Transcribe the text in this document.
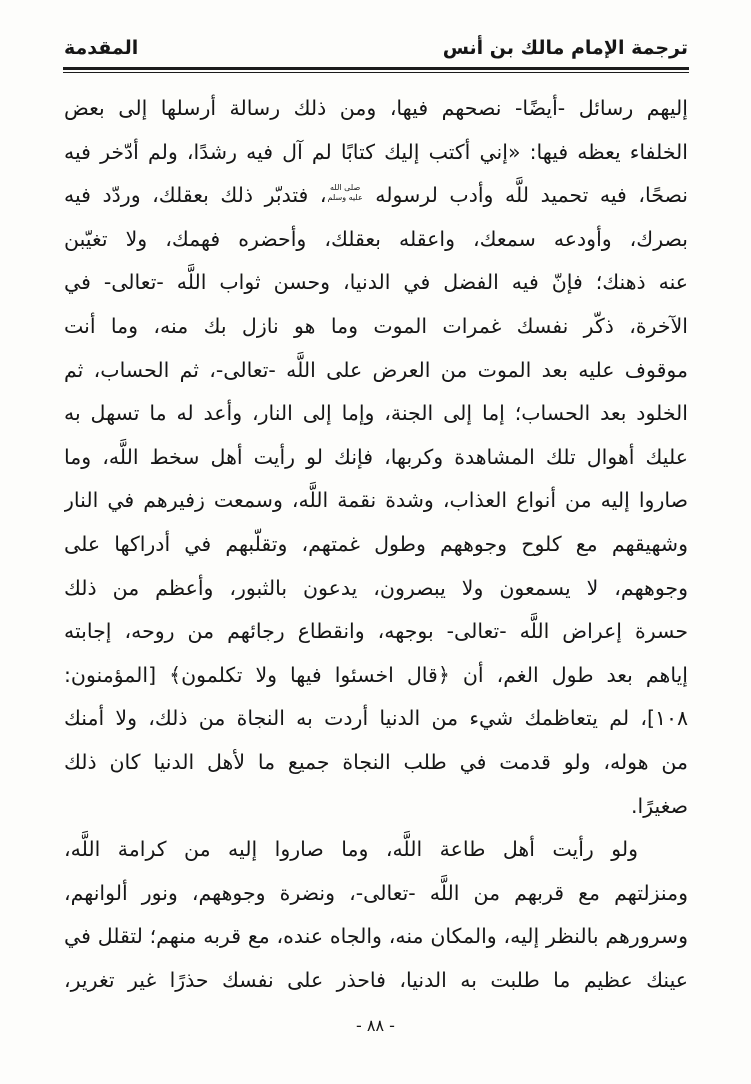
ترجمة الإمام مالك بن أنس
المقدمة
إليهم رسائل -أيضًا- نصحهم فيها، ومن ذلك رسالة أرسلها إلى بعض
الخلفاء يعظه فيها: «إني أكتب إليك كتابًا لم آل فيه رشدًا، ولم أدّخر فيه
نصحًا، فيه تحميد للَّه وأدب لرسوله
صلى الله
عليه وسلم
، فتدبّر ذلك بعقلك، وردّد فيه
بصرك، وأودعه سمعك، واعقله بعقلك، وأحضره فهمك، ولا تغيّبن
عنه ذهنك؛ فإنّ فيه الفضل في الدنيا، وحسن ثواب اللَّه -تعالى- في
الآخرة، ذكّر نفسك غمرات الموت وما هو نازل بك منه، وما أنت
موقوف عليه بعد الموت من العرض على اللَّه -تعالى-، ثم الحساب، ثم
الخلود بعد الحساب؛ إما إلى الجنة، وإما إلى النار، وأعد له ما تسهل به
عليك أهوال تلك المشاهدة وكربها، فإنك لو رأيت أهل سخط اللَّه، وما
صاروا إليه من أنواع العذاب، وشدة نقمة اللَّه، وسمعت زفيرهم في النار
وشهيقهم مع كلوح وجوههم وطول غمتهم، وتقلّبهم في أدراكها على
وجوههم، لا يسمعون ولا يبصرون، يدعون بالثبور، وأعظم من ذلك
حسرة إعراض اللَّه -تعالى- بوجهه، وانقطاع رجائهم من روحه، إجابته
إياهم بعد طول الغم، أن ﴿قال اخسئوا فيها ولا تكلمون﴾ [المؤمنون:
١٠٨]، لم يتعاظمك شيء من الدنيا أردت به النجاة من ذلك، ولا أمنك
من هوله، ولو قدمت في طلب النجاة جميع ما لأهل الدنيا كان ذلك
صغيرًا.
ولو رأيت أهل طاعة اللَّه، وما صاروا إليه من كرامة اللَّه،
ومنزلتهم مع قربهم من اللَّه -تعالى-، ونضرة وجوههم، ونور ألوانهم،
وسرورهم بالنظر إليه، والمكان منه، والجاه عنده، مع قربه منهم؛ لتقلل في
عينك عظيم ما طلبت به الدنيا، فاحذر على نفسك حذرًا غير تغرير،
- ٨٨ -
